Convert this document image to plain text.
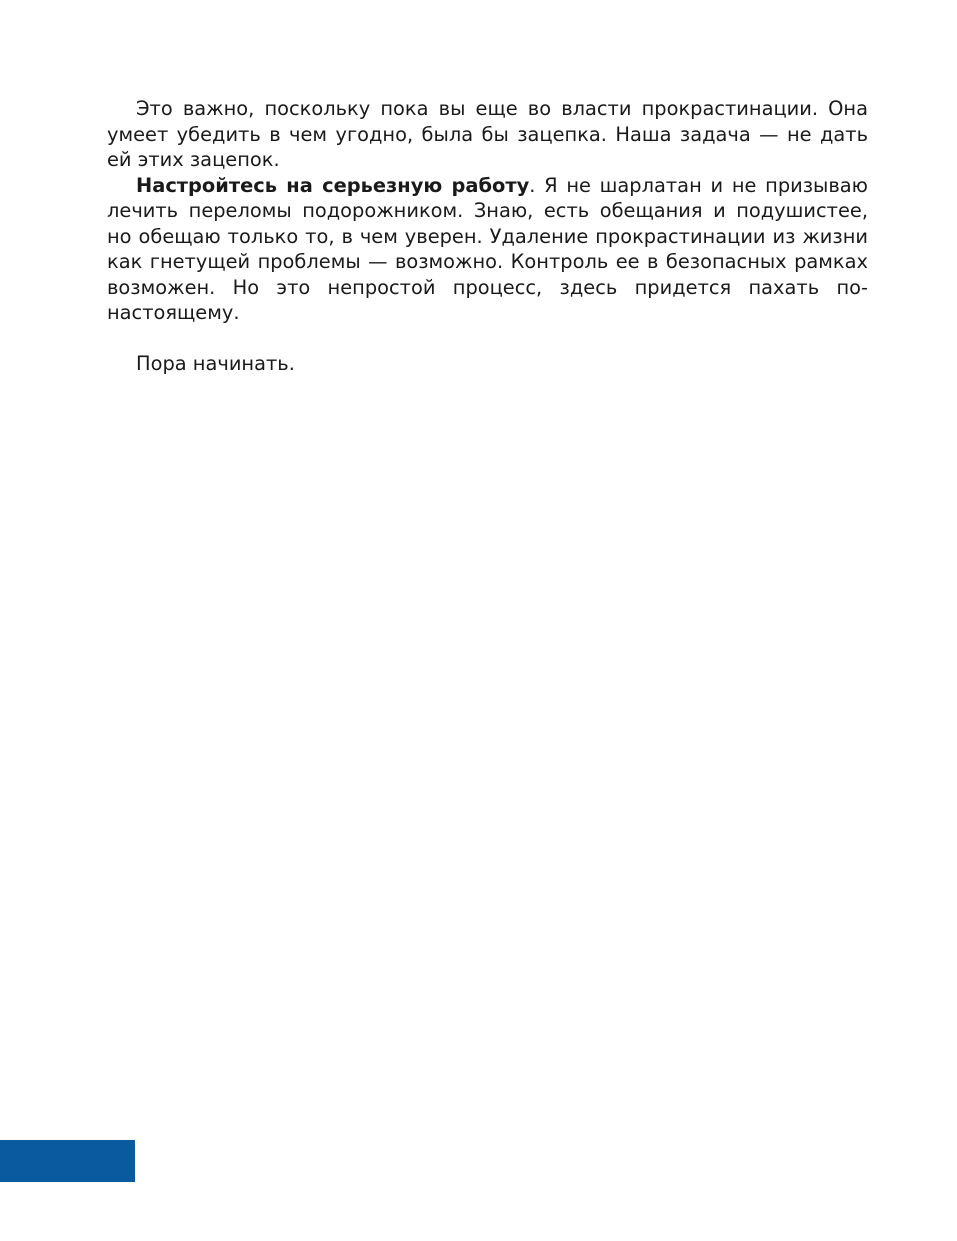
Это важно, поскольку пока вы еще во власти прокрастинации. Она умеет убедить в чем угодно, была бы зацепка. Наша задача — не дать ей этих зацепок.

Настройтесь на серьезную работу. Я не шарлатан и не призываю лечить переломы подорожником. Знаю, есть обещания и подушистее, но обещаю только то, в чем уверен. Удаление прокрастинации из жизни как гнетущей проблемы — возможно. Контроль ее в безопасных рамках возможен. Но это непростой процесс, здесь придется пахать по-настоящему.

Пора начинать.
